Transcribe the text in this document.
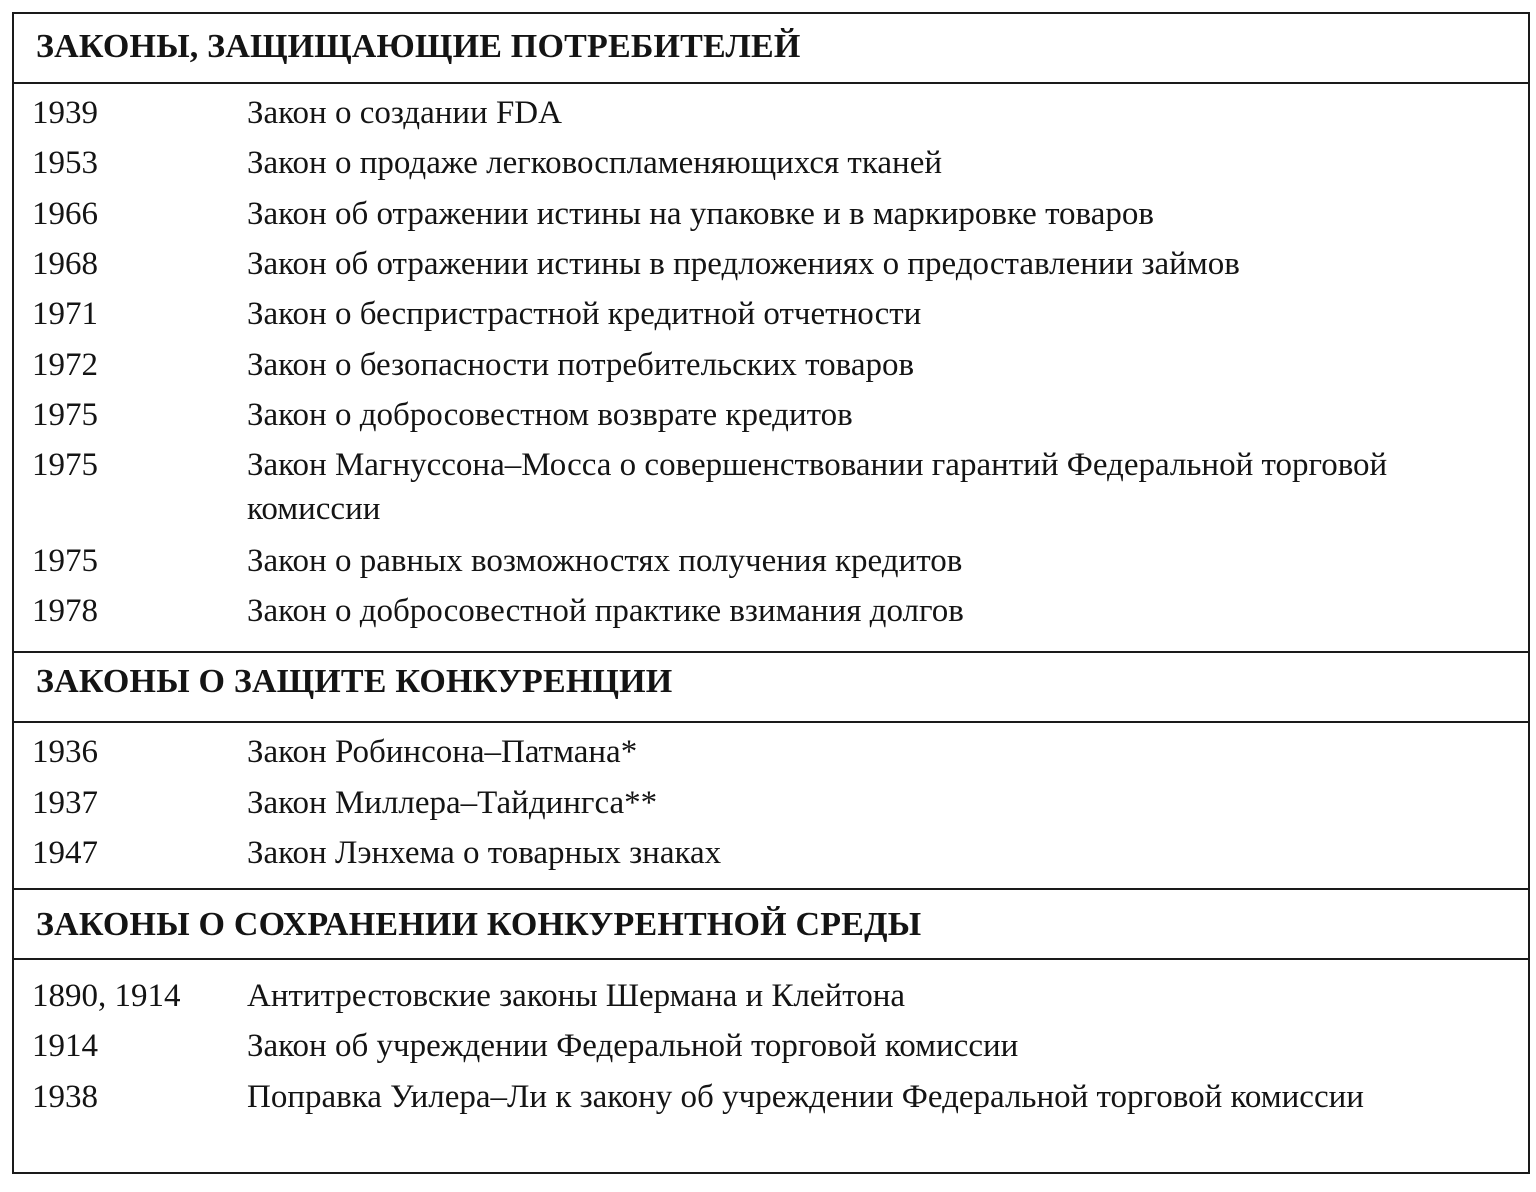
ЗАКОНЫ, ЗАЩИЩАЮЩИЕ ПОТРЕБИТЕЛЕЙ
1939	Закон о создании FDA
1953	Закон о продаже легковоспламеняющихся тканей
1966	Закон об отражении истины на упаковке и в маркировке товаров
1968	Закон об отражении истины в предложениях о предоставлении займов
1971	Закон о беспристрастной кредитной отчетности
1972	Закон о безопасности потребительских товаров
1975	Закон о добросовестном возврате кредитов
1975	Закон Магнуссона–Мосса о совершенствовании гарантий Федеральной торговой комиссии
1975	Закон о равных возможностях получения кредитов
1978	Закон о добросовестной практике взимания долгов
ЗАКОНЫ О ЗАЩИТЕ КОНКУРЕНЦИИ
1936	Закон Робинсона–Патмана*
1937	Закон Миллера–Тайдингса**
1947	Закон Лэнхема о товарных знаках
ЗАКОНЫ О СОХРАНЕНИИ КОНКУРЕНТНОЙ СРЕДЫ
1890, 1914 Антитрестовские законы Шермана и Клейтона
1914	Закон об учреждении Федеральной торговой комиссии
1938	Поправка Уилера–Ли к закону об учреждении Федеральной торговой комиссии
